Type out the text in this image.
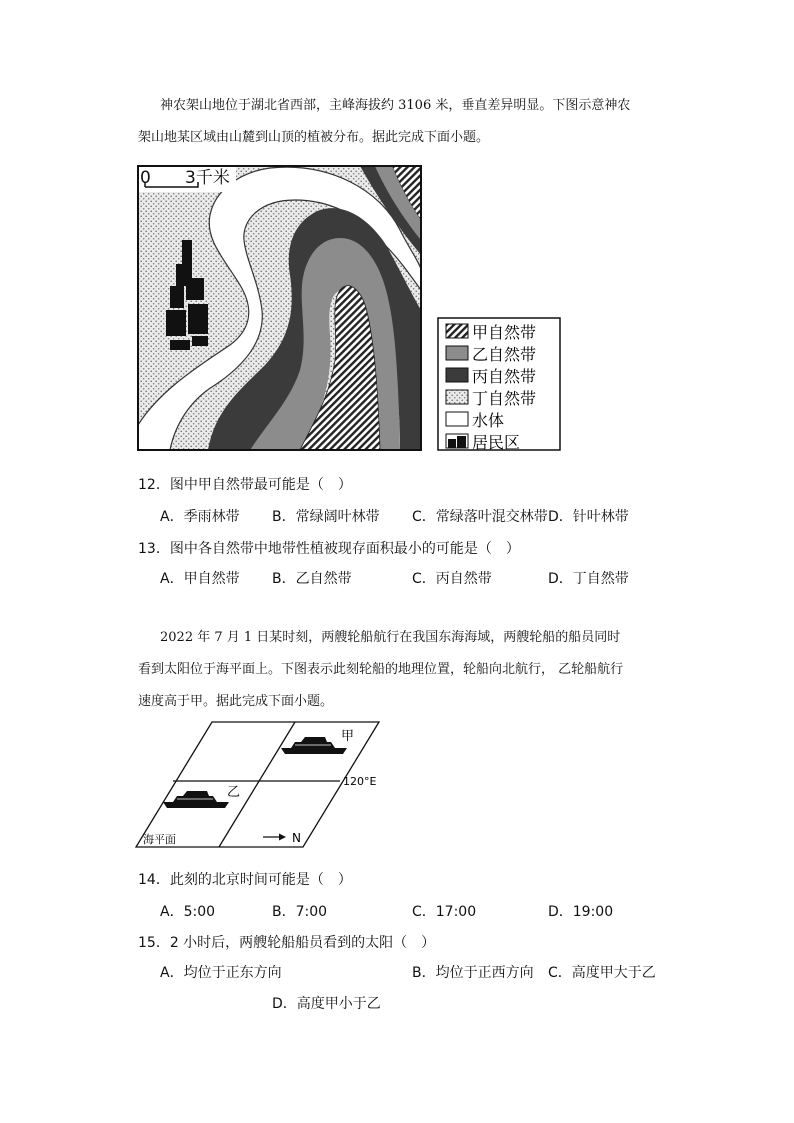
神农架山地位于湖北省西部，主峰海拔约 3106 米，垂直差异明显。下图示意神农
架山地某区域由山麓到山顶的植被分布。据此完成下面小题。
0 3千米
甲自然带
乙自然带
丙自然带
丁自然带
水体
居民区
12．图中甲自然带最可能是（　）
A．季雨林带 B．常绿阔叶林带 C．常绿落叶混交林带 D．针叶林带
13．图中各自然带中地带性植被现存面积最小的可能是（　）
A．甲自然带 B．乙自然带	C．丙自然带	D．丁自然带
2022 年 7 月 1 日某时刻，两艘轮船航行在我国东海海域，两艘轮船的船员同时
看到太阳位于海平面上。下图表示此刻轮船的地理位置，轮船向北航行， 乙轮船航行
速度高于甲。据此完成下面小题。
甲
乙
120°E
海平面	N
14．此刻的北京时间可能是（　）
A．5:00	B．7:00	C．17:00	D．19:00
15．2 小时后，两艘轮船船员看到的太阳（　）
A．均位于正东方向	B．均位于正西方向 C．高度甲大于乙
D．高度甲小于乙
